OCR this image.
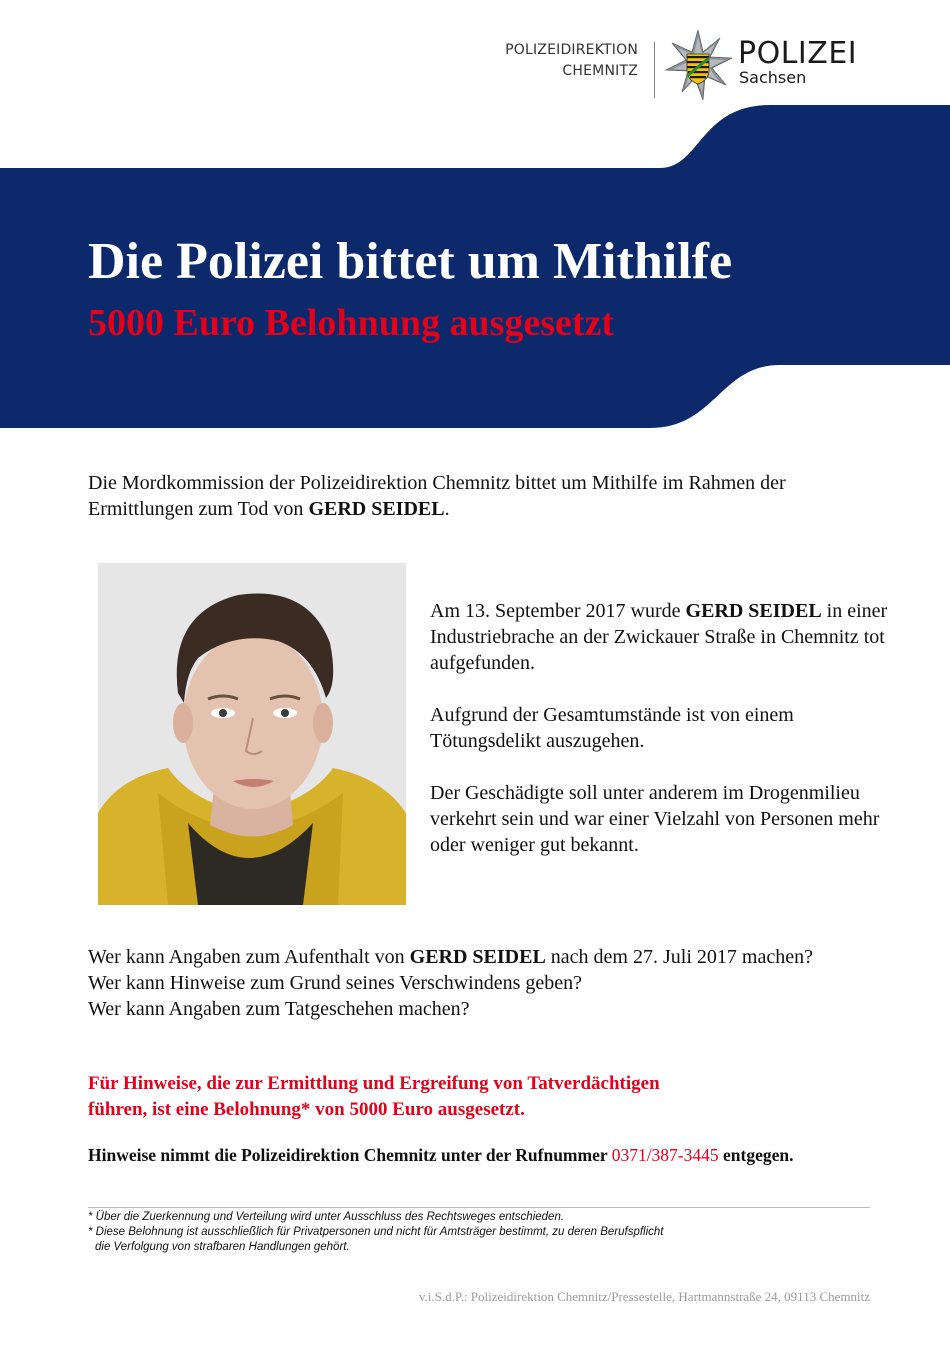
POLIZEIDIREKTION
CHEMNITZ	POLIZEI
Sachsen
Die Polizei bittet um Mithilfe
5000 Euro Belohnung ausgesetzt
Die Mordkommission der Polizeidirektion Chemnitz bittet um Mithilfe im Rahmen der Ermittlungen zum Tod von GERD SEIDEL.

Am 13. September 2017 wurde GERD SEIDEL in einer Industriebrache an der Zwickauer Straße in Chemnitz tot aufgefunden.

Aufgrund der Gesamtumstände ist von einem Tötungsdelikt auszugehen.

Der Geschädigte soll unter anderem im Drogenmilieu verkehrt sein und war einer Vielzahl von Personen mehr oder weniger gut bekannt.

Wer kann Angaben zum Aufenthalt von GERD SEIDEL nach dem 27. Juli 2017 machen?
Wer kann Hinweise zum Grund seines Verschwindens geben?
Wer kann Angaben zum Tatgeschehen machen?
Für Hinweise, die zur Ermittlung und Ergreifung von Tatverdächtigen
führen, ist eine Belohnung* von 5000 Euro ausgesetzt.
Hinweise nimmt die Polizeidirektion Chemnitz unter der Rufnummer 0371/387-3445 entgegen.
* Über die Zuerkennung und Verteilung wird unter Ausschluss des Rechtsweges entschieden.
* Diese Belohnung ist ausschließlich für Privatpersonen und nicht für Amtsträger bestimmt, zu deren Berufspflicht
die Verfolgung von strafbaren Handlungen gehört.
v.i.S.d.P.: Polizeidirektion Chemnitz/Pressestelle, Hartmannstraße 24, 09113 Chemnitz
